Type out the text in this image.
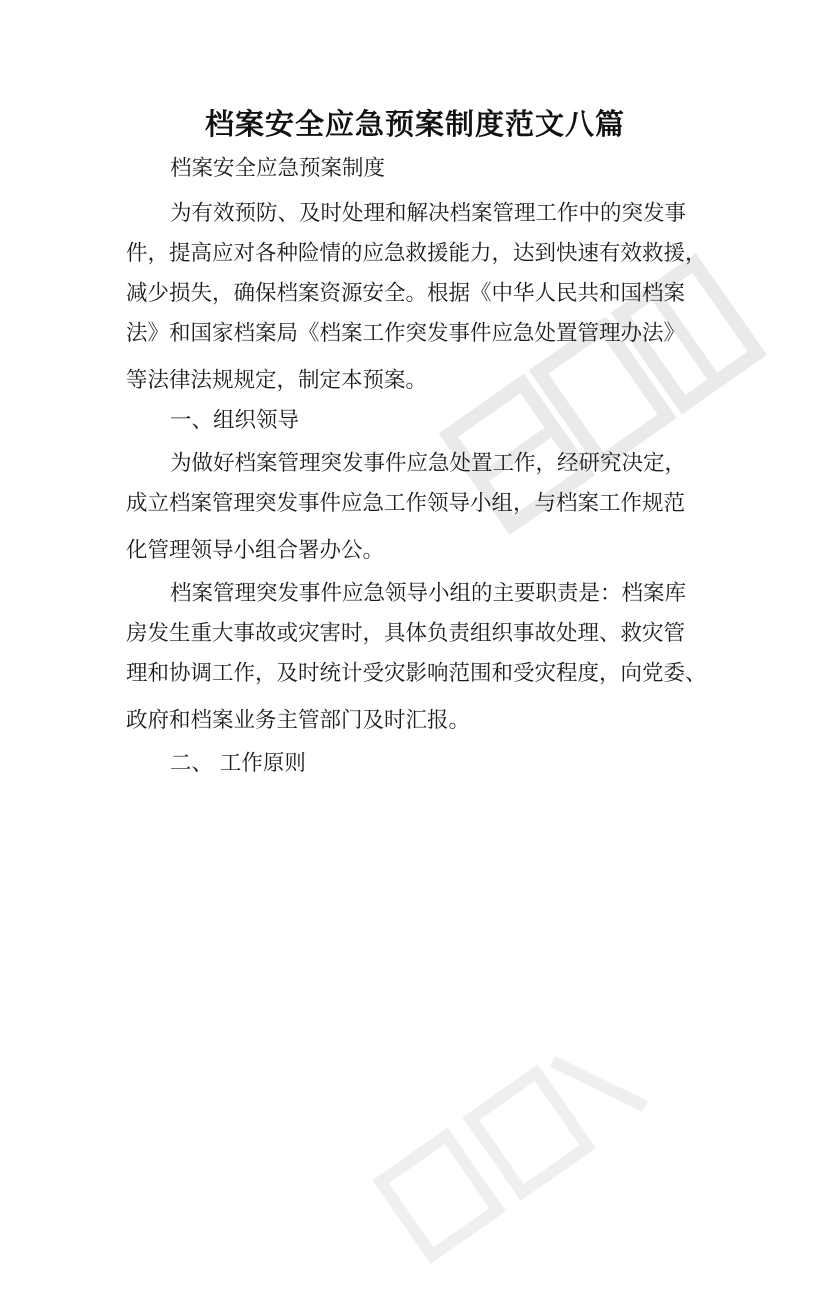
档案安全应急预案制度范文八篇
档案安全应急预案制度
为有效预防、及时处理和解决档案管理工作中的突发事
件，提高应对各种险情的应急救援能力，达到快速有效救援，
减少损失，确保档案资源安全。根据《中华人民共和国档案
法》和国家档案局《档案工作突发事件应急处置管理办法》
等法律法规规定，制定本预案。
一、组织领导
为做好档案管理突发事件应急处置工作，经研究决定，
成立档案管理突发事件应急工作领导小组，与档案工作规范
化管理领导小组合署办公。
档案管理突发事件应急领导小组的主要职责是：档案库
房发生重大事故或灾害时，具体负责组织事故处理、救灾管
理和协调工作，及时统计受灾影响范围和受灾程度，向党委、
政府和档案业务主管部门及时汇报。
二、 工作原则
